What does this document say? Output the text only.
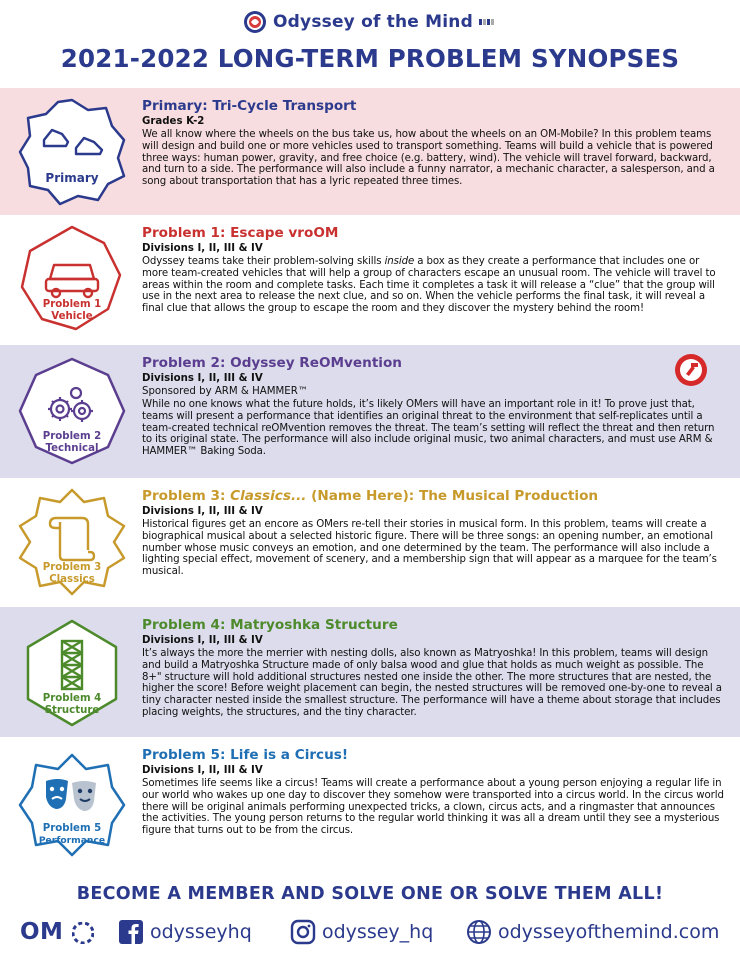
Odyssey of the Mind
2021-2022 LONG-TERM PROBLEM SYNOPSES
Primary
Primary: Tri-Cycle Transport
Grades K-2
We all know where the wheels on the bus take us, how about the wheels on an OM-Mobile? In this problem teams will design and build one or more vehicles used to transport something. Teams will build a vehicle that is powered three ways: human power, gravity, and free choice (e.g. battery, wind). The vehicle will travel forward, backward, and turn to a side. The performance will also include a funny narrator, a mechanic character, a salesperson, and a song about transportation that has a lyric repeated three times.
Problem 1
Vehicle
Problem 1: Escape vroOM
Divisions I, II, III & IV
Odyssey teams take their problem-solving skills inside a box as they create a performance that includes one or more team-created vehicles that will help a group of characters escape an unusual room. The vehicle will travel to areas within the room and complete tasks. Each time it completes a task it will release a “clue” that the group will use in the next area to release the next clue, and so on. When the vehicle performs the final task, it will reveal a final clue that allows the group to escape the room and they discover the mystery behind the room!
Problem 2
Technical
Problem 2: Odyssey ReOMvention
Divisions I, II, III & IV
Sponsored by ARM & HAMMER™
While no one knows what the future holds, it’s likely OMers will have an important role in it! To prove just that, teams will present a performance that identifies an original threat to the environment that self-replicates until a team-created technical reOMvention removes the threat. The team’s setting will reflect the threat and then return to its original state. The performance will also include original music, two animal characters, and must use ARM & HAMMER™ Baking Soda.
Problem 3
Classics
Problem 3: Classics... (Name Here): The Musical Production
Divisions I, II, III & IV
Historical figures get an encore as OMers re-tell their stories in musical form. In this problem, teams will create a biographical musical about a selected historic figure. There will be three songs: an opening number, an emotional number whose music conveys an emotion, and one determined by the team. The performance will also include a lighting special effect, movement of scenery, and a membership sign that will appear as a marquee for the team’s musical.
Problem 4
Structure
Problem 4: Matryoshka Structure
Divisions I, II, III & IV
It’s always the more the merrier with nesting dolls, also known as Matryoshka! In this problem, teams will design and build a Matryoshka Structure made of only balsa wood and glue that holds as much weight as possible. The 8+" structure will hold additional structures nested one inside the other. The more structures that are nested, the higher the score! Before weight placement can begin, the nested structures will be removed one-by-one to reveal a tiny character nested inside the smallest structure. The performance will have a theme about storage that includes placing weights, the structures, and the tiny character.
Problem 5
Performance
Problem 5: Life is a Circus!
Divisions I, II, III & IV
Sometimes life seems like a circus! Teams will create a performance about a young person enjoying a regular life in our world who wakes up one day to discover they somehow were transported into a circus world. In the circus world there will be original animals performing unexpected tricks, a clown, circus acts, and a ringmaster that announces the activities. The young person returns to the regular world thinking it was all a dream until they see a mysterious figure that turns out to be from the circus.
BECOME A MEMBER AND SOLVE ONE OR SOLVE THEM ALL!
OM	odysseyhq	odyssey_hq	odysseyofthemind.com
